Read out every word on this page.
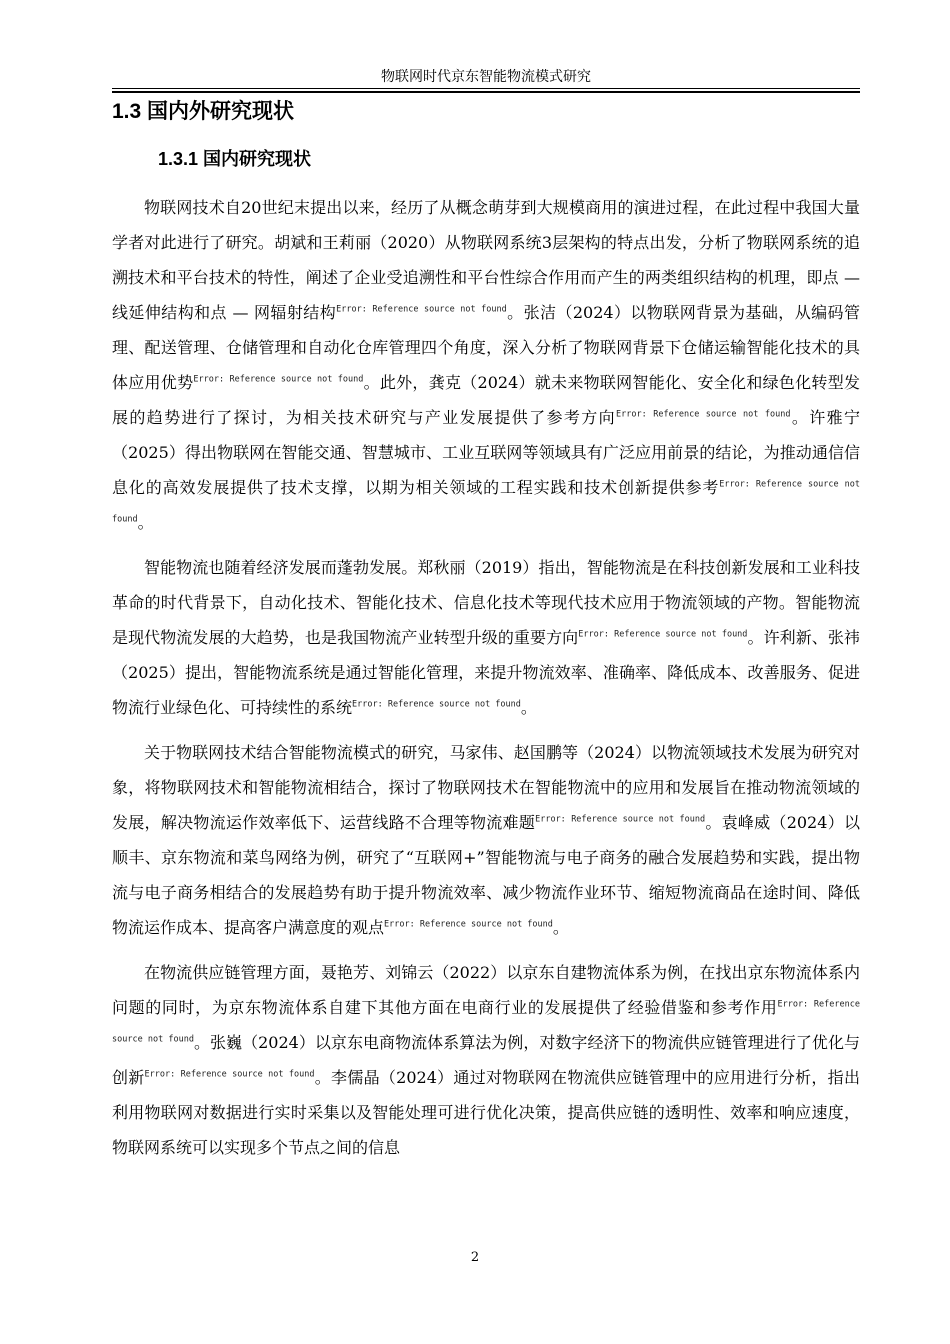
物联网时代京东智能物流模式研究
1.3 国内外研究现状
1.3.1 国内研究现状

物联网技术自20世纪末提出以来，经历了从概念萌芽到大规模商用的演进过程，在此过程中我国大量学者对此进行了研究。胡斌和王莉丽（2020）从物联网系统3层架构的特点出发，分析了物联网系统的追溯技术和平台技术的特性，阐述了企业受追溯性和平台性综合作用而产生的两类组织结构的机理，即点 — 线延伸结构和点 — 网辐射结构$^{Error: Reference source not found}$。张洁（2024）以物联网背景为基础，从编码管理、配送管理、仓储管理和自动化仓库管理四个角度，深入分析了物联网背景下仓储运输智能化技术的具体应用优势$^{Error: Reference source not found}$。此外，龚克（2024）就未来物联网智能化、安全化和绿色化转型发展的趋势进行了探讨，为相关技术研究与产业发展提供了参考方向$^{Error: Reference source not found}$。许雅宁（2025）得出物联网在智能交通、智慧城市、工业互联网等领域具有广泛应用前景的结论，为推动通信信息化的高效发展提供了技术支撑，以期为相关领域的工程实践和技术创新提供参考$^{Error: Reference source not found}$。

智能物流也随着经济发展而蓬勃发展。郑秋丽（2019）指出，智能物流是在科技创新发展和工业科技革命的时代背景下，自动化技术、智能化技术、信息化技术等现代技术应用于物流领域的产物。智能物流是现代物流发展的大趋势，也是我国物流产业转型升级的重要方向$^{Error: Reference source not found}$。许利新、张祎（2025）提出，智能物流系统是通过智能化管理，来提升物流效率、准确率、降低成本、改善服务、促进物流行业绿色化、可持续性的系统$^{Error: Reference source not found}$。

关于物联网技术结合智能物流模式的研究，马家伟、赵国鹏等（2024）以物流领域技术发展为研究对象，将物联网技术和智能物流相结合，探讨了物联网技术在智能物流中的应用和发展旨在推动物流领域的发展，解决物流运作效率低下、运营线路不合理等物流难题$^{Error: Reference source not found}$。袁峰威（2024）以顺丰、京东物流和菜鸟网络为例，研究了“互联网+”智能物流与电子商务的融合发展趋势和实践，提出物流与电子商务相结合的发展趋势有助于提升物流效率、减少物流作业环节、缩短物流商品在途时间、降低物流运作成本、提高客户满意度的观点$^{Error: Reference source not found}$。

在物流供应链管理方面，聂艳芳、刘锦云（2022）以京东自建物流体系为例，在找出京东物流体系内问题的同时，为京东物流体系自建下其他方面在电商行业的发展提供了经验借鉴和参考作用$^{Error: Reference source not found}$。张巍（2024）以京东电商物流体系算法为例，对数字经济下的物流供应链管理进行了优化与创新$^{Error: Reference source not found}$。李儒晶（2024）通过对物联网在物流供应链管理中的应用进行分析，指出利用物联网对数据进行实时采集以及智能处理可进行优化决策，提高供应链的透明性、效率和响应速度，物联网系统可以实现多个节点之间的信息

2
